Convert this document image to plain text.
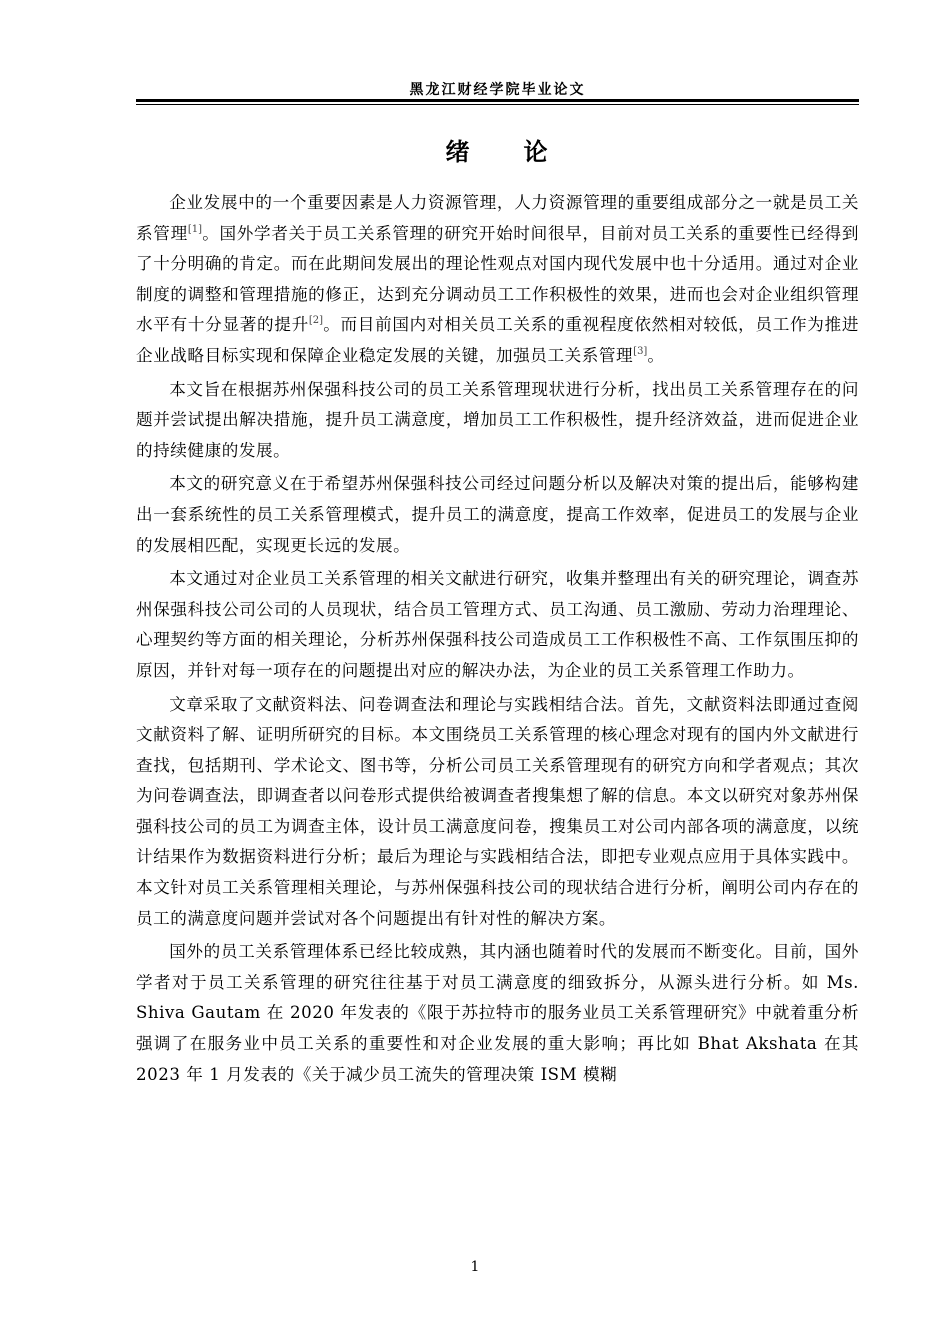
黑龙江财经学院毕业论文
绪　　论

企业发展中的一个重要因素是人力资源管理，人力资源管理的重要组成部分之一就是员工关系管理[1]。国外学者关于员工关系管理的研究开始时间很早，目前对员工关系的重要性已经得到了十分明确的肯定。而在此期间发展出的理论性观点对国内现代发展中也十分适用。通过对企业制度的调整和管理措施的修正，达到充分调动员工工作积极性的效果，进而也会对企业组织管理水平有十分显著的提升[2]。而目前国内对相关员工关系的重视程度依然相对较低，员工作为推进企业战略目标实现和保障企业稳定发展的关键，加强员工关系管理[3]。

本文旨在根据苏州保强科技公司的员工关系管理现状进行分析，找出员工关系管理存在的问题并尝试提出解决措施，提升员工满意度，增加员工工作积极性，提升经济效益，进而促进企业的持续健康的发展。

本文的研究意义在于希望苏州保强科技公司经过问题分析以及解决对策的提出后，能够构建出一套系统性的员工关系管理模式，提升员工的满意度，提高工作效率，促进员工的发展与企业的发展相匹配，实现更长远的发展。

本文通过对企业员工关系管理的相关文献进行研究，收集并整理出有关的研究理论，调查苏州保强科技公司公司的人员现状，结合员工管理方式、员工沟通、员工激励、劳动力治理理论、心理契约等方面的相关理论，分析苏州保强科技公司造成员工工作积极性不高、工作氛围压抑的原因，并针对每一项存在的问题提出对应的解决办法，为企业的员工关系管理工作助力。

文章采取了文献资料法、问卷调查法和理论与实践相结合法。首先，文献资料法即通过查阅文献资料了解、证明所研究的目标。本文围绕员工关系管理的核心理念对现有的国内外文献进行查找，包括期刊、学术论文、图书等，分析公司员工关系管理现有的研究方向和学者观点；其次为问卷调查法，即调查者以问卷形式提供给被调查者搜集想了解的信息。本文以研究对象苏州保强科技公司的员工为调查主体，设计员工满意度问卷，搜集员工对公司内部各项的满意度，以统计结果作为数据资料进行分析；最后为理论与实践相结合法，即把专业观点应用于具体实践中。本文针对员工关系管理相关理论，与苏州保强科技公司的现状结合进行分析，阐明公司内存在的员工的满意度问题并尝试对各个问题提出有针对性的解决方案。

国外的员工关系管理体系已经比较成熟，其内涵也随着时代的发展而不断变化。目前，国外学者对于员工关系管理的研究往往基于对员工满意度的细致拆分，从源头进行分析。如 Ms. Shiva Gautam 在 2020 年发表的《限于苏拉特市的服务业员工关系管理研究》中就着重分析强调了在服务业中员工关系的重要性和对企业发展的重大影响；再比如 Bhat Akshata 在其 2023 年 1 月发表的《关于减少员工流失的管理决策 ISM 模糊

1
